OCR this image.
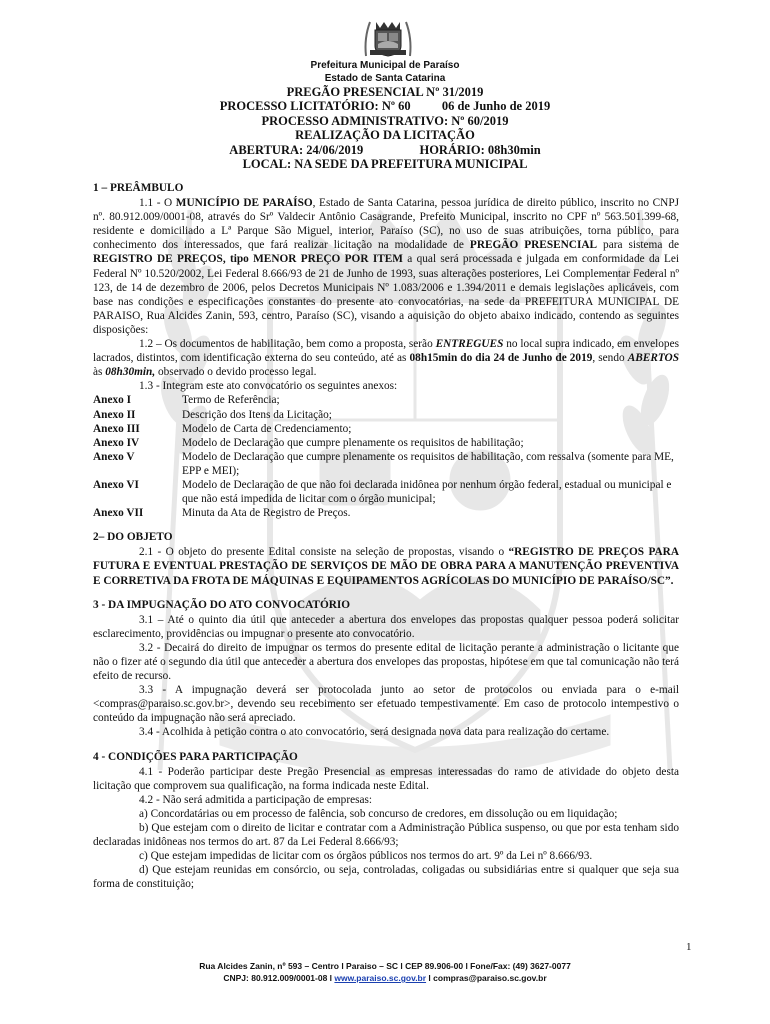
Prefeitura Municipal de Paraíso
Estado de Santa Catarina
PREGÃO PRESENCIAL Nº 31/2019
PROCESSO LICITATÓRIO: Nº 60          06 de Junho de 2019
PROCESSO ADMINISTRATIVO: Nº 60/2019
REALIZAÇÃO DA LICITAÇÃO
ABERTURA: 24/06/2019                  HORÁRIO: 08h30min
LOCAL: NA SEDE DA PREFEITURA MUNICIPAL
1 – PREÂMBULO

1.1 - O MUNICÍPIO DE PARAÍSO, Estado de Santa Catarina, pessoa jurídica de direito público, inscrito no CNPJ nº. 80.912.009/0001-08, através do Srº Valdecir Antônio Casagrande, Prefeito Municipal, inscrito no CPF nº 563.501.399-68, residente e domiciliado a Lª Parque São Miguel, interior, Paraíso (SC), no uso de suas atribuições, torna público, para conhecimento dos interessados, que fará realizar licitação na modalidade de PREGÃO PRESENCIAL para sistema de REGISTRO DE PREÇOS, tipo MENOR PREÇO POR ITEM a qual será processada e julgada em conformidade da Lei Federal Nº 10.520/2002, Lei Federal 8.666/93 de 21 de Junho de 1993, suas alterações posteriores, Lei Complementar Federal nº 123, de 14 de dezembro de 2006, pelos Decretos Municipais Nº 1.083/2006 e 1.394/2011 e demais legislações aplicáveis, com base nas condições e especificações constantes do presente ato convocatórias, na sede da PREFEITURA MUNICIPAL DE PARAISO, Rua Alcides Zanin, 593, centro, Paraíso (SC), visando a aquisição do objeto abaixo indicado, contendo as seguintes disposições:

1.2 – Os documentos de habilitação, bem como a proposta, serão ENTREGUES no local supra indicado, em envelopes lacrados, distintos, com identificação externa do seu conteúdo, até as 08h15min do dia 24 de Junho de 2019, sendo ABERTOS às 08h30min, observado o devido processo legal.

1.3 - Integram este ato convocatório os seguintes anexos:

Anexo I	Termo de Referência;
Anexo II	Descrição dos Itens da Licitação;
Anexo III	Modelo de Carta de Credenciamento;
Anexo IV	Modelo de Declaração que cumpre plenamente os requisitos de habilitação;
Anexo V	Modelo de Declaração que cumpre plenamente os requisitos de habilitação, com ressalva (somente para ME, EPP e MEI);
Anexo VI	Modelo de Declaração de que não foi declarada inidônea por nenhum órgão federal, estadual ou municipal e que não está impedida de licitar com o órgão municipal;
Anexo VII	Minuta da Ata de Registro de Preços.
2– DO OBJETO

2.1 - O objeto do presente Edital consiste na seleção de propostas, visando o “REGISTRO DE PREÇOS PARA FUTURA E EVENTUAL PRESTAÇÃO DE SERVIÇOS DE MÃO DE OBRA PARA A MANUTENÇÃO PREVENTIVA E CORRETIVA DA FROTA DE MÁQUINAS E EQUIPAMENTOS AGRÍCOLAS DO MUNICÍPIO DE PARAÍSO/SC”.

3 - DA IMPUGNAÇÃO DO ATO CONVOCATÓRIO

3.1 – Até o quinto dia útil que anteceder a abertura dos envelopes das propostas qualquer pessoa poderá solicitar esclarecimento, providências ou impugnar o presente ato convocatório.

3.2 - Decairá do direito de impugnar os termos do presente edital de licitação perante a administração o licitante que não o fizer até o segundo dia útil que anteceder a abertura dos envelopes das propostas, hipótese em que tal comunicação não terá efeito de recurso.

3.3 - A impugnação deverá ser protocolada junto ao setor de protocolos ou enviada para o e-mail <compras@paraiso.sc.gov.br>, devendo seu recebimento ser efetuado tempestivamente. Em caso de protocolo intempestivo o conteúdo da impugnação não será apreciado.

3.4 - Acolhida à petição contra o ato convocatório, será designada nova data para realização do certame.

4 - CONDIÇÕES PARA PARTICIPAÇÃO

4.1 - Poderão participar deste Pregão Presencial as empresas interessadas do ramo de atividade do objeto desta licitação que comprovem sua qualificação, na forma indicada neste Edital.

4.2 - Não será admitida a participação de empresas:

a) Concordatárias ou em processo de falência, sob concurso de credores, em dissolução ou em liquidação;

b) Que estejam com o direito de licitar e contratar com a Administração Pública suspenso, ou que por esta tenham sido declaradas inidôneas nos termos do art. 87 da Lei Federal 8.666/93;

c) Que estejam impedidas de licitar com os órgãos públicos nos termos do art. 9º da Lei nº 8.666/93.

d) Que estejam reunidas em consórcio, ou seja, controladas, coligadas ou subsidiárias entre si qualquer que seja sua forma de constituição;

1
Rua Alcides Zanin, nº 593 – Centro l Paraiso – SC l CEP 89.906-00 l Fone/Fax: (49) 3627-0077
CNPJ: 80.912.009/0001-08 l www.paraiso.sc.gov.br l compras@paraiso.sc.gov.br
